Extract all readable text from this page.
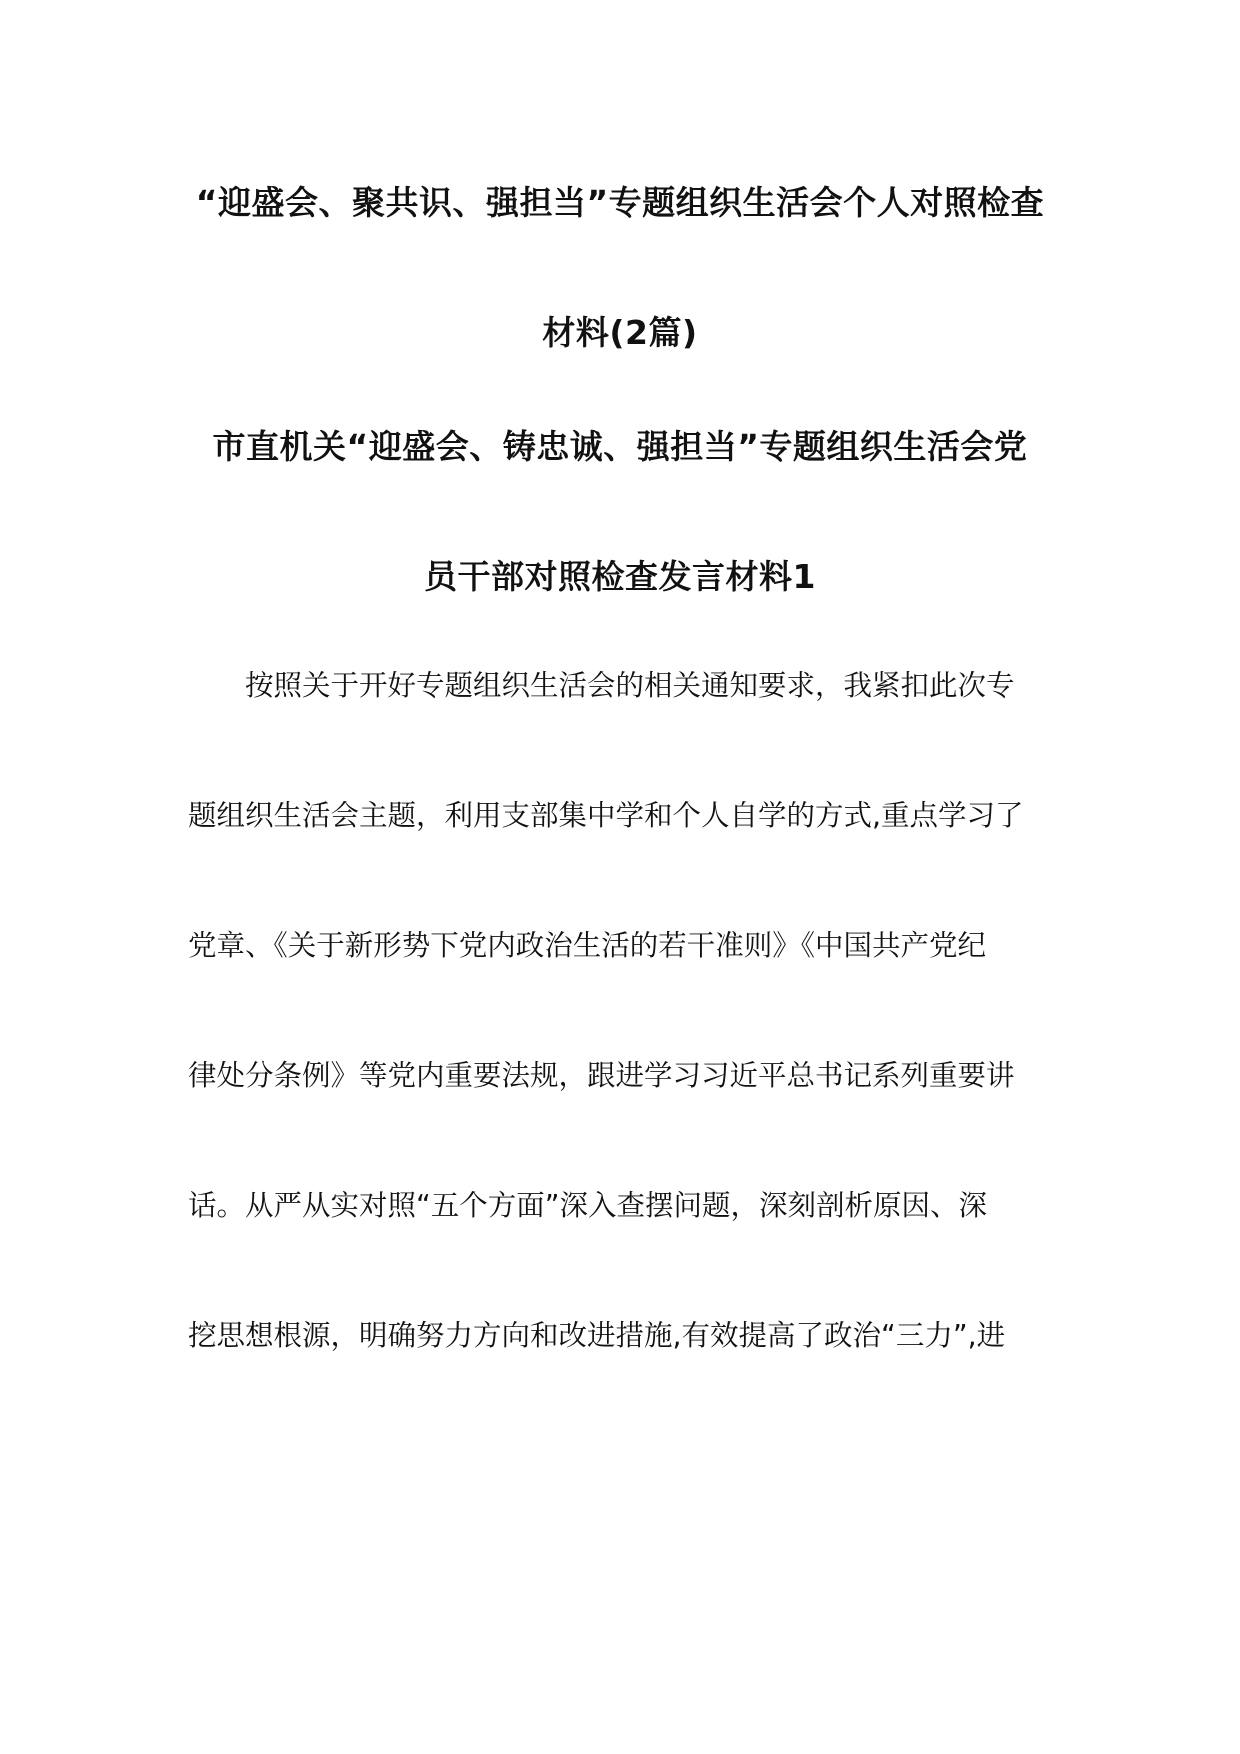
“迎盛会、聚共识、强担当”专题组织生活会个人对照检查
材料(2篇)
市直机关“迎盛会、铸忠诚、强担当”专题组织生活会党
员干部对照检查发言材料1
按照关于开好专题组织生活会的相关通知要求，我紧扣此次专
题组织生活会主题，利用支部集中学和个人自学的方式,重点学习了
党章、《关于新形势下党内政治生活的若干准则》《中国共产党纪
律处分条例》等党内重要法规，跟进学习习近平总书记系列重要讲
话。从严从实对照“五个方面”深入查摆问题，深刻剖析原因、深
挖思想根源，明确努力方向和改进措施,有效提高了政治“三力”,进
